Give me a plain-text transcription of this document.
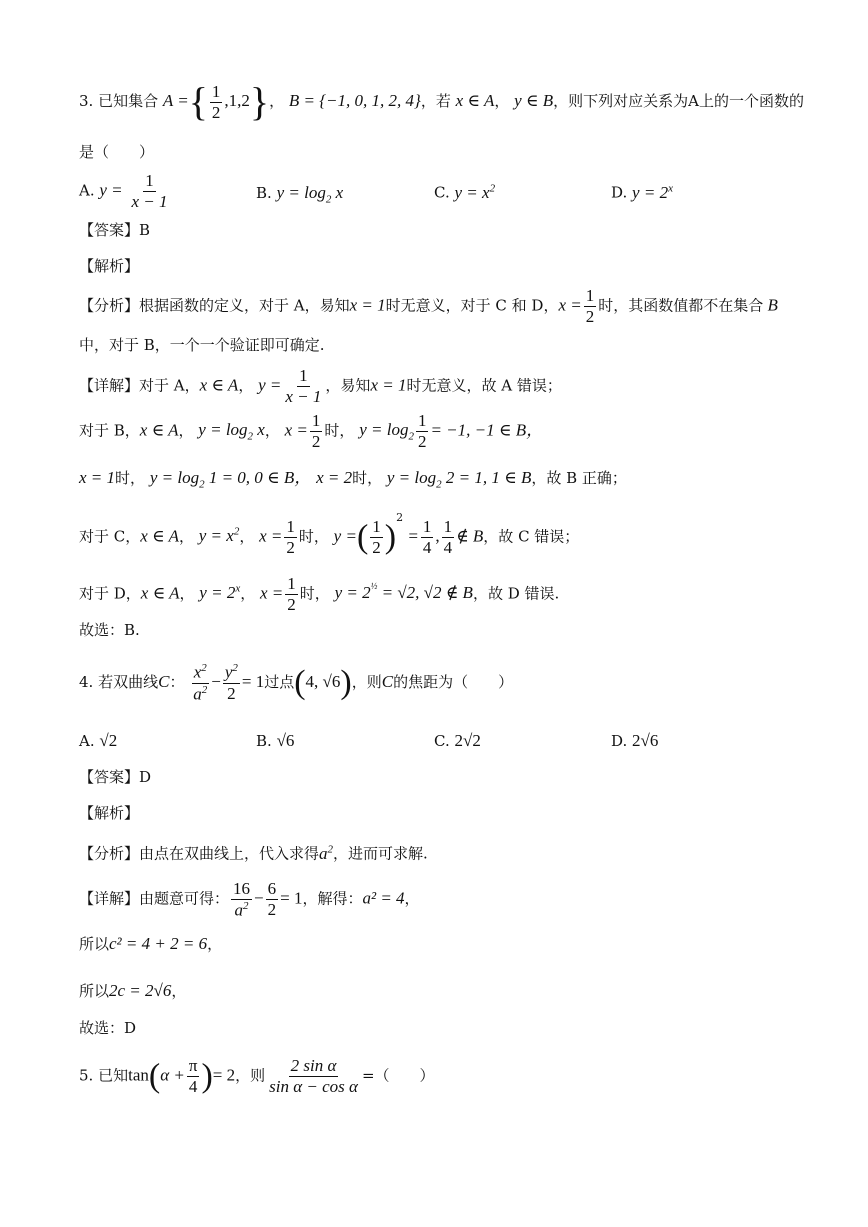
3. 已知集合 A ={ $\frac{1}{2} ,1,2$}， B = {−1, 0, 1, 2, 4}，若 x ∈ A， y ∈ B，则下列对应关系为A上的一个函数的
是（　　）
A. $y = \frac{1}{x - 1}$	B. $y = \log_2 x$	C. $y = x^2$	D. $y = 2^x$
【答案】B
【解析】
【分析】根据函数的定义，对于 A，易知x = 1时无意义，对于 C 和 D，$x = \frac{1}{2}$ 时，其函数值都不在集合 B
中，对于 B，一个一个验证即可确定.
【详解】对于 A，x ∈ A， $y = \frac{1}{x - 1}$ ，易知x = 1时无意义，故 A 错误；
对于 B，x ∈ A， $y = \log_2 x$， $x = \frac{1}{2}$ 时， $y = \log_2 \frac{1}{2} = -1$, −1 ∈ B，
x = 1时， $y = \log_2 1 = 0$, 0 ∈ B， x = 2时， $y = \log_2 2 = 1$, 1 ∈ B，故 B 正确；
对于 C，x ∈ A， $y = x^2$， $x = \frac{1}{2}$ 时， y =( $\frac{1}{2} )^2 = \frac{1}{4}$ , $\frac{1}{4}$ ∉ B，故 C 错误；
对于 D，x ∈ A， $y = 2^x$， $x = \frac{1}{2}$ 时， $y = 2^{\frac{1}{2}} = √2$, √2 ∉ B，故 D 错误.
故选：B.
4. 若双曲线C： $\frac{x^2}{a^2} - \frac{y^2}{2} = 1$过点(4, √6)，则C的焦距为（　　）
A. √2	B. √6	C. 2√2	D. 2√6
【答案】D
【解析】
【分析】由点在双曲线上，代入求得$a^2$，进而可求解.
【详解】由题意可得： $\frac{16}{a^2} - \frac{6}{2} = 1$，解得：a² = 4，
所以c² = 4 + 2 = 6，
所以2c = 2√6，
故选：D
5. 已知$\tan(\alpha + \frac{\pi}{4}$ )= 2，则 $\frac{\text{2 sin α}}{\text{sin α − cos α}}$ =（　　）
